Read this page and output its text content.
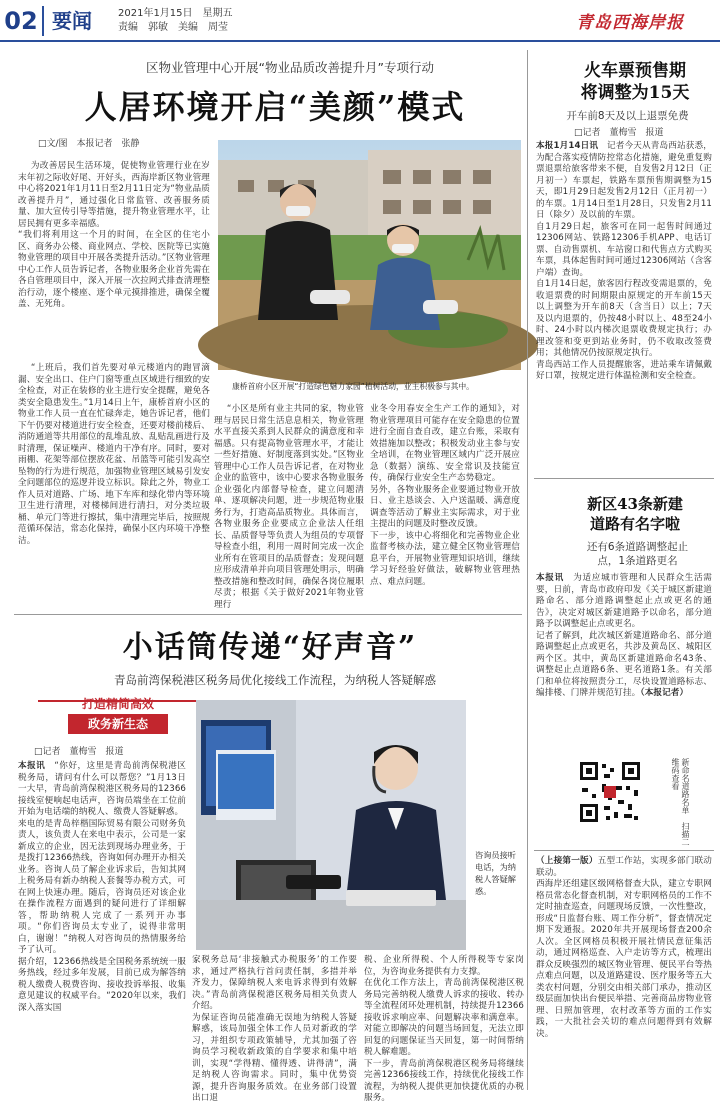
02 要闻	2021年1月15日　星期五
责编　郭敏　美编　周莹	青岛西海岸报
区物业管理中心开展“物业品质改善提升月”专项行动
人居环境开启“美颜”模式
□文/图　本报记者　张静
为改善居民生活环境，促使物业管理行业在岁末年初之际收好尾、开好头，西海岸新区物业管理中心将2021年1月11日至2月11日定为“物业品质改善提升月”，通过强化日常监管、改善服务质量、加大宣传引导等措施，提升物业管理水平，让居民拥有更多幸福感。
“我们将利用这一个月的时间，在全区的住宅小区、商务办公楼、商业网点、学校、医院等已实施物业管理的项目中开展各类提升活动。”区物业管理中心工作人员告诉记者，各物业服务企业首先需在各自管理项目中，深入开展一次拉网式排查清理整治行动，逐个楼座、逐个单元摸排推进，确保全覆盖、无死角。
“上班后，我们首先要对单元楼道内的跑冒滴漏、安全出口、住户门窗等重点区域进行细致的安全检查，对正在装修的业主进行安全提醒，避免各类安全隐患发生。”1月14日上午，康桥首府小区的物业工作人员一直在忙碌奔走，她告诉记者，他们下午仍要对楼道进行安全检查，还要对楼前楼后、消防通道等共用部位的乱堆乱放、乱贴乱画进行及时清理，保证噪声、楼道内干净有序。同时，要对雨棚、花架等部位摆放花盆、吊篮等可能引发高空坠物的行为进行规范，加强物业管理区域易引发安全问题部位的巡逻并设立标识。除此之外，物业工作人员对道路、广场、地下车库和绿化带内等环境卫生进行清理，对楼梯间进行清扫，对分类垃圾桶、单元门等进行擦拭，集中清理完毕后，按照规范循环保洁，常态化保持，确保小区内环境干净整洁。
康桥首府小区开展“打造绿色魅力家园”植树活动，业主积极参与其中。
“小区是所有业主共同的家，物业管理与居民日常生活息息相关，物业管理水平直接关系到人民群众的满意度和幸福感。只有提高物业管理水平，才能让一些好措施、好制度落到实处。”区物业管理中心工作人员告诉记者，在对物业企业的监管中，该中心要求各物业服务企业强化内部督导检查，建立问题清单、逐项解决问题，进一步规范物业服务行为，打造高品质物业。具体而言，各物业服务企业要成立企业法人任组长、品质督导等负责人为组员的专项督导检查小组，利用一周时间完成一次企业所有在管项目的品质督查；发现问题应形成清单并向项目管理处明示，明确整改措施和整改时间，确保各岗位履职尽责；根据《关于做好2021年物业管理行
业冬令用春安全生产工作的通知》，对物业管理项目可能存在安全隐患的位置进行全面自查自改，建立台账，采取有效措施加以整改；积极发动业主参与安全培训，在物业管理区域内广泛开展应急（数据）演练、安全常识及技能宣传，确保行业安全生产态势稳定。
另外，各物业服务企业要通过物业开放日、业主恳谈会、入户送温暖、满意度调查等活动了解业主实际需求，对于业主提出的问题及时整改反馈。
下一步，该中心将细化和完善物业企业监督考核办法，建立健全区物业管理信息平台，开展物业管理知识培训，继续学习好经验好做法，破解物业管理热点、难点问题。
小话筒传递“好声音”
青岛前湾保税港区税务局优化接线工作流程，为纳税人答疑解惑
打造精简高效
政务新生态
□记者　董梅雪　报道
本报讯　 “你好，这里是青岛前湾保税港区税务局，请问有什么可以帮您？”1月13日一大早，青岛前湾保税港区税务局的12366接线室便响起电话声，咨询员端坐在工位前开始为电话端的纳税人、缴费人答疑解惑。
来电的是青岛梓楷国际贸易有限公司财务负责人，该负责人在来电中表示，公司是一家新成立的企业，因无法到现场办理业务，于是拨打12366热线，咨询如何办理开办相关业务。咨询人员了解企业诉求后，告知其网上税务局有新办纳税人套餐等办税方式，可在网上快速办理。随后，咨询员还对该企业在操作流程方面遇到的疑问进行了详细解答，帮助纳税人完成了一系列开办事项。“你们咨询员太专业了，说得非常明白，谢谢！”纳税人对咨询员的热情服务给予了认可。
据介绍，12366热线是全国税务系统统一服务热线，经过多年发展，目前已成为解答纳税人缴费人税费咨询、接收投诉举报、收集意见建议的权威平台。“2020年以来，我们深入落实国
咨询员接听电话，为纳税人答疑解惑。
家税务总局‘非接触式办税服务’的工作要求，通过严格执行首问责任制，多措并举齐发力，保障纳税人来电诉求得到有效解决。”青岛前湾保税港区税务局相关负责人介绍。
为保证咨询员能准确无误地为纳税人答疑解惑，该局加强全体工作人员对新政的学习，并组织专项政策辅导，尤其加强了咨询员学习税收新政策的自学要求和集中培训，实现“学得精、懂得透、讲得清”，满足纳税人咨询需求。同时，集中优势资源，提升咨询服务质效。在业务部门设置出口退
税、企业所得税、个人所得税等专家岗位，为咨询业务提供有力支撑。
在优化工作方法上，青岛前湾保税港区税务局完善纳税人缴费人诉求的接收、转办等全流程闭环处理机制，持续提升12366接收诉求响应率、问题解决率和满意率。对能立即解决的问题当场回复，无法立即回复的问题保证当天回复，第一时间帮纳税人解难题。
下一步，青岛前湾保税港区税务局将继续完善12366接线工作，持续优化接线工作流程，为纳税人提供更加快捷优质的办税服务。
火车票预售期
将调整为15天
开车前8天及以上退票免费
□记者　董梅雪　报道
本报1月14日讯　 记者今天从青岛西站获悉，为配合落实疫情防控常态化措施，避免重复购票退票给旅客带来不便，自发售2月12日（正月初一）车票起，铁路车票预售期调整为15天，即1月29日起发售2月12日（正月初一）的车票。1月14日至1月28日，只发售2月11日（除夕）及以前的车票。
自1月29日起，旅客可在同一起售时间通过12306网站、铁路12306手机APP、电话订票、自动售票机、车站窗口和代售点方式购买车票，具体起售时间可通过12306网站（含客户端）查询。
自1月14日起，旅客因行程改变需退票的，免收退票费的时间期限由原规定的开车前15天以上调整为开车前8天（含当日）以上；7天及以内退票的，仍按48小时以上、48至24小时、24小时以内梯次退票收费规定执行；办理改签和变更到站业务时，仍不收取改签费用；其他情况仍按原规定执行。
青岛西站工作人员提醒旅客，进站乘车请佩戴好口罩，按规定进行体温检测和安全检查。
新区43条新建
道路有名字啦
还有6条道路调整起止
点，1条道路更名
本报讯　 为适应城市管理和人民群众生活需要，日前，青岛市政府印发《关于城区新建道路命名、部分道路调整起止点或更名的通告》，决定对城区新建道路予以命名，部分道路予以调整起止点或更名。
记者了解到，此次城区新建道路命名、部分道路调整起止点或更名，共涉及黄岛区、城阳区两个区。其中，黄岛区新建道路命名43条、调整起止点道路6条、更名道路1条。有关部门和单位将按照责分工，尽快设置道路标志、编排楼、门牌并规范钉挂。（本报记者）
新命名道路名单　扫描二维码查看
（上接第一版）五型工作站，实现多部门联动联动。
西海岸还组建区级网格督查大队，建立专职网格员常态化督查机制，对专职网格员的工作不定时抽查巡查，问题现场反馈，一次性整改，形成“日监督台账、周工作分析”，督查情况定期下发通报。2020年共开展现场督查200余人次。全区网格员积极开展社情民意征集活动，通过网格巡查、入户走访等方式，梳理出群众反映强烈的城区物业管理、便民平台等热点难点问题，以及道路建设、医疗服务等五大类农村问题，分别交由相关部门承办，推动区级层面加快出台便民举措、完善商品房物业管理、日照加管理，农村改革等方面的工作实践，一大批社会关切的难点问题得到有效解决。
